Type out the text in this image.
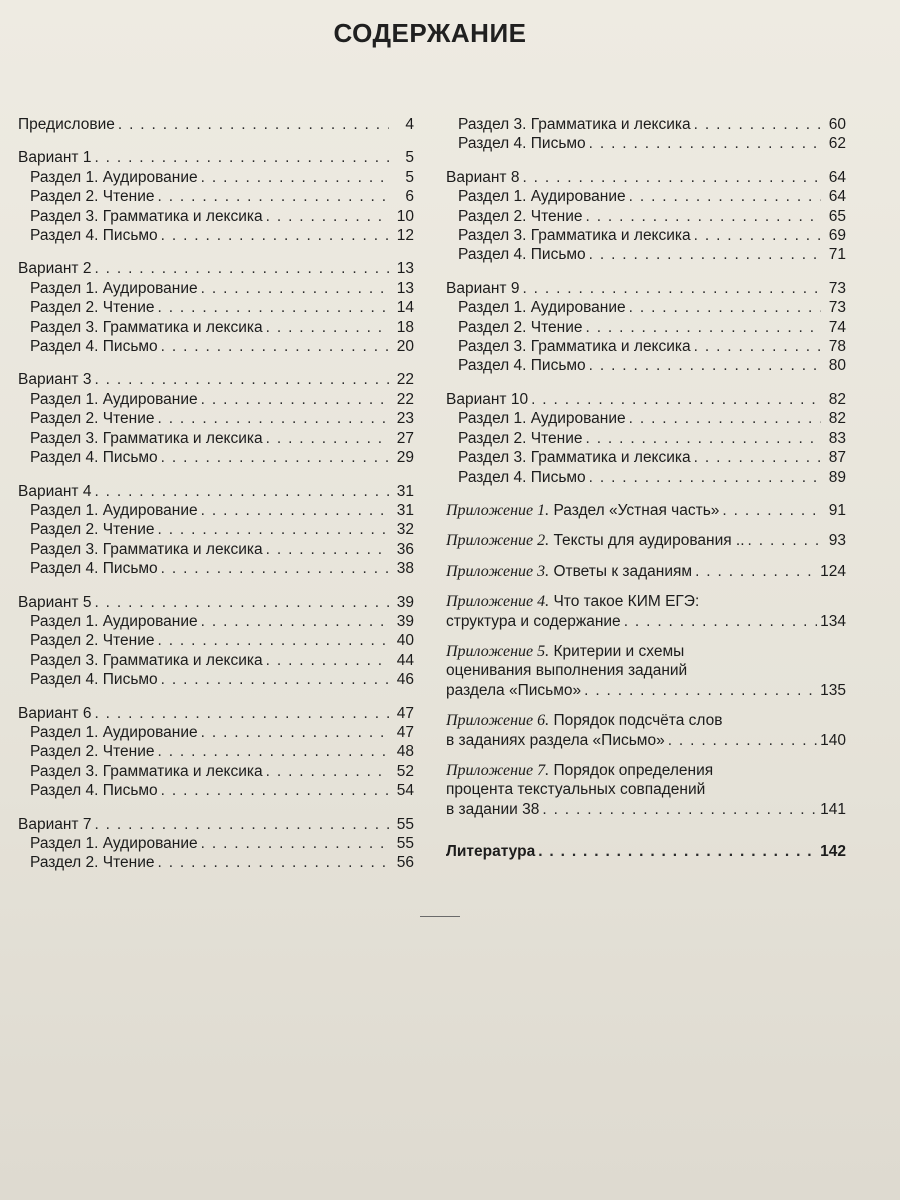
СОДЕРЖАНИЕ
Предисловие . . .	4
Вариант 1 . . .	5
Раздел 1. Аудирование . . .	5
Раздел 2. Чтение . . .	6
Раздел 3. Грамматика и лексика . . .	10
Раздел 4. Письмо . . .	12
Вариант 2 . . .	13
Раздел 1. Аудирование . . .	13
Раздел 2. Чтение . . .	14
Раздел 3. Грамматика и лексика . . .	18
Раздел 4. Письмо . . .	20
Вариант 3 . . .	22
Раздел 1. Аудирование . . .	22
Раздел 2. Чтение . . .	23
Раздел 3. Грамматика и лексика . . .	27
Раздел 4. Письмо . . .	29
Вариант 4 . . .	31
Раздел 1. Аудирование . . .	31
Раздел 2. Чтение . . .	32
Раздел 3. Грамматика и лексика . . .	36
Раздел 4. Письмо . . .	38
Вариант 5 . . .	39
Раздел 1. Аудирование . . .	39
Раздел 2. Чтение . . .	40
Раздел 3. Грамматика и лексика . . .	44
Раздел 4. Письмо . . .	46
Вариант 6 . . .	47
Раздел 1. Аудирование . . .	47
Раздел 2. Чтение . . .	48
Раздел 3. Грамматика и лексика . . .	52
Раздел 4. Письмо . . .	54
Вариант 7 . . .	55
Раздел 1. Аудирование . . .	55
Раздел 2. Чтение . . .	56
Раздел 3. Грамматика и лексика . . .	60
Раздел 4. Письмо . . .	62
Вариант 8 . . .	64
Раздел 1. Аудирование . . .	64
Раздел 2. Чтение . . .	65
Раздел 3. Грамматика и лексика . . .	69
Раздел 4. Письмо . . .	71
Вариант 9 . . .	73
Раздел 1. Аудирование . . .	73
Раздел 2. Чтение . . .	74
Раздел 3. Грамматика и лексика . . .	78
Раздел 4. Письмо . . .	80
Вариант 10 . . .	82
Раздел 1. Аудирование . . .	82
Раздел 2. Чтение . . .	83
Раздел 3. Грамматика и лексика . . .	87
Раздел 4. Письмо . . .	89
Приложение 1. Раздел «Устная часть» . . .	91
Приложение 2. Тексты для аудирования .. . . .	93
Приложение 3. Ответы к заданиям . . .	124
Приложение 4. Что такое КИМ ЕГЭ:
структура и содержание . . .	134
Приложение 5. Критерии и схемы
оценивания выполнения заданий
раздела «Письмо» . . .	135
Приложение 6. Порядок подсчёта слов
в заданиях раздела «Письмо» . . .	140
Приложение 7. Порядок определения
процента текстуальных совпадений
в задании 38 . . .	141
Литература . . .	142
